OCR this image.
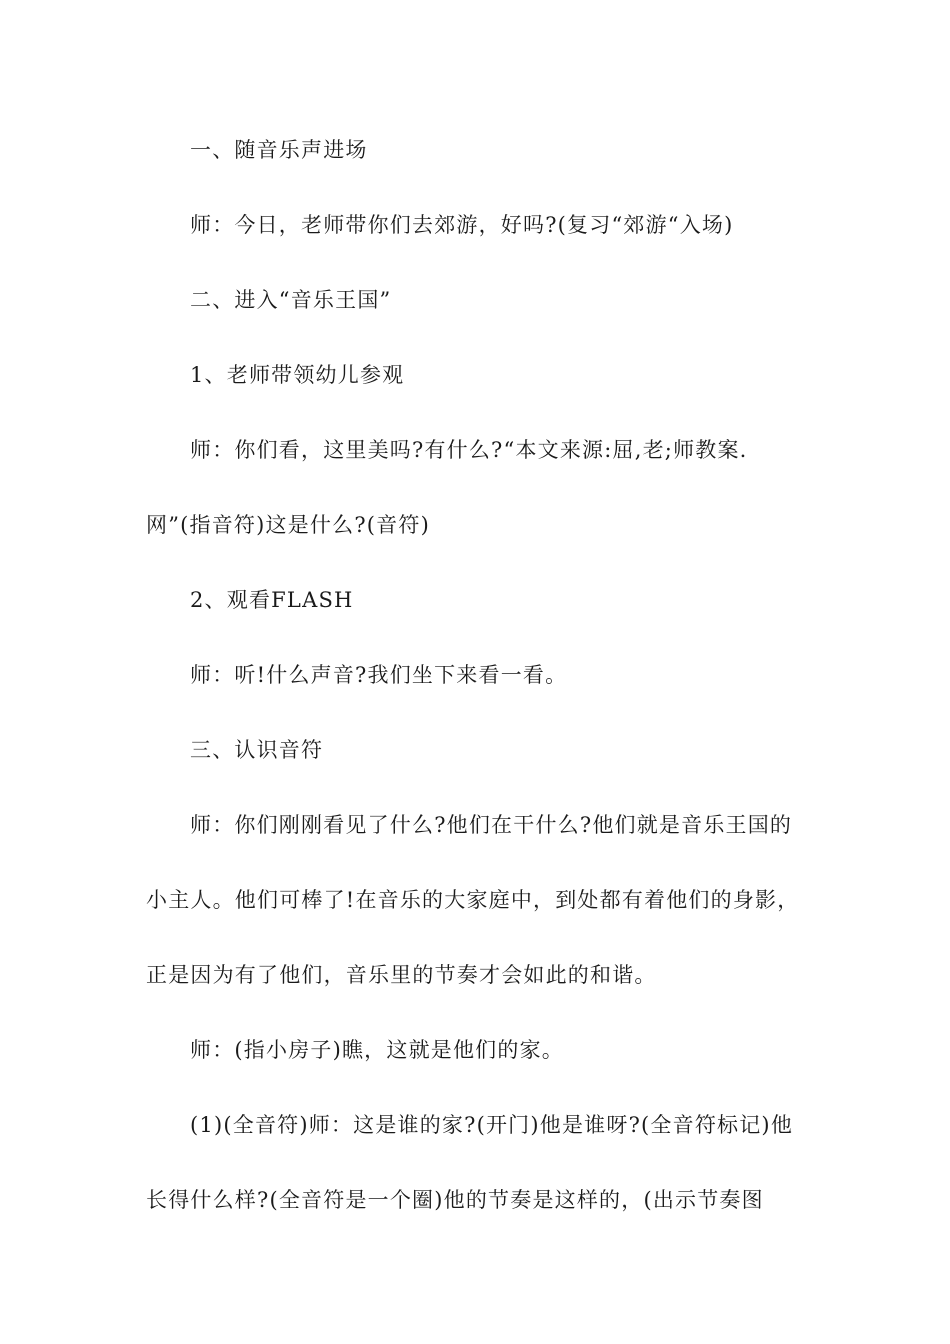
一、随音乐声进场
师：今日，老师带你们去郊游，好吗?(复习“郊游“入场)
二、进入“音乐王国”
1、老师带领幼儿参观
师：你们看，这里美吗?有什么?“本文来源:屈,老;师教案.
网”(指音符)这是什么?(音符)
2、观看FLASH
师：听!什么声音?我们坐下来看一看。
三、认识音符
师：你们刚刚看见了什么?他们在干什么?他们就是音乐王国的
小主人。他们可棒了!在音乐的大家庭中，到处都有着他们的身影，
正是因为有了他们，音乐里的节奏才会如此的和谐。
师：(指小房子)瞧，这就是他们的家。
(1)(全音符)师：这是谁的家?(开门)他是谁呀?(全音符标记)他
长得什么样?(全音符是一个圈)他的节奏是这样的，(出示节奏图
